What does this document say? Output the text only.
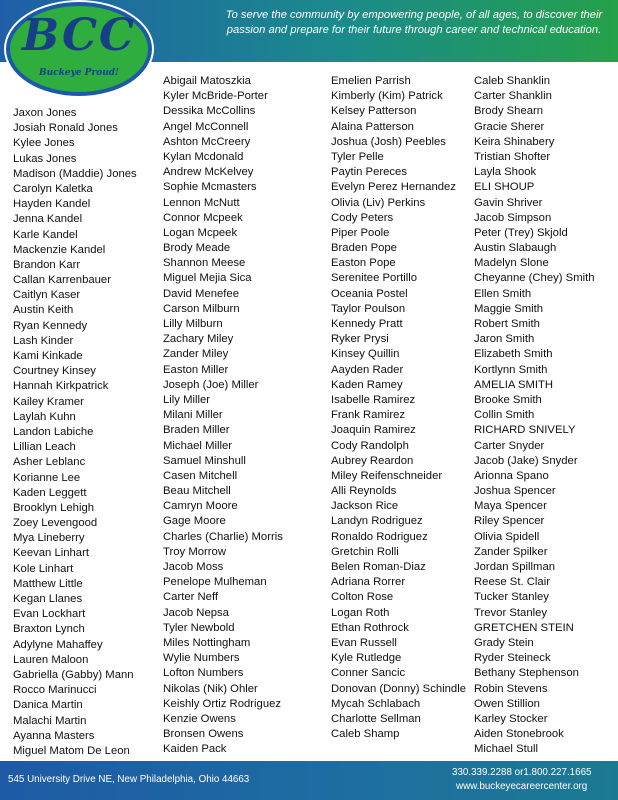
To serve the community by empowering people, of all ages, to discover their passion and prepare for their future through career and technical education.
BCC
Buckeye Proud!
Jaxon Jones
Josiah Ronald Jones
Kylee Jones
Lukas Jones
Madison (Maddie) Jones
Carolyn Kaletka
Hayden Kandel
Jenna Kandel
Karle Kandel
Mackenzie Kandel
Brandon Karr
Callan Karrenbauer
Caitlyn Kaser
Austin Keith
Ryan Kennedy
Lash Kinder
Kami Kinkade
Courtney Kinsey
Hannah Kirkpatrick
Kailey Kramer
Laylah Kuhn
Landon Labiche
Lillian Leach
Asher Leblanc
Korianne Lee
Kaden Leggett
Brooklyn Lehigh
Zoey Levengood
Mya Lineberry
Keevan Linhart
Kole Linhart
Matthew Little
Kegan Llanes
Evan Lockhart
Braxton Lynch
Adylyne Mahaffey
Lauren Maloon
Gabriella (Gabby) Mann
Rocco Marinucci
Danica Martin
Malachi Martin
Ayanna Masters
Miguel Matom De Leon
Abigail Matoszkia
Kyler McBride-Porter
Dessika McCollins
Angel McConnell
Ashton McCreery
Kylan Mcdonald
Andrew McKelvey
Sophie Mcmasters
Lennon McNutt
Connor Mcpeek
Logan Mcpeek
Brody Meade
Shannon Meese
Miguel Mejia Sica
David Menefee
Carson Milburn
Lilly Milburn
Zachary Miley
Zander Miley
Easton Miller
Joseph (Joe) Miller
Lily Miller
Milani Miller
Braden Miller
Michael Miller
Samuel Minshull
Casen Mitchell
Beau Mitchell
Camryn Moore
Gage Moore
Charles (Charlie) Morris
Troy Morrow
Jacob Moss
Penelope Mulheman
Carter Neff
Jacob Nepsa
Tyler Newbold
Miles Nottingham
Wylie Numbers
Lofton Numbers
Nikolas (Nik) Ohler
Keishly Ortiz Rodriguez
Kenzie Owens
Bronsen Owens
Kaiden Pack
Emelien Parrish
Kimberly (Kim) Patrick
Kelsey Patterson
Alaina Patterson
Joshua (Josh) Peebles
Tyler Pelle
Paytin Pereces
Evelyn Perez Hernandez
Olivia (Liv) Perkins
Cody Peters
Piper Poole
Braden Pope
Easton Pope
Serenitee Portillo
Oceania Postel
Taylor Poulson
Kennedy Pratt
Ryker Prysi
Kinsey Quillin
Aayden Rader
Kaden Ramey
Isabelle Ramirez
Frank Ramirez
Joaquin Ramirez
Cody Randolph
Aubrey Reardon
Miley Reifenschneider
Alli Reynolds
Jackson Rice
Landyn Rodriguez
Ronaldo Rodriguez
Gretchin Rolli
Belen Roman-Diaz
Adriana Rorrer
Colton Rose
Logan Roth
Ethan Rothrock
Evan Russell
Kyle Rutledge
Conner Sancic
Donovan (Donny) Schindle
Mycah Schlabach
Charlotte Sellman
Caleb Shamp
Caleb Shanklin
Carter Shanklin
Brody Shearn
Gracie Sherer
Keira Shinabery
Tristian Shofter
Layla Shook
ELI SHOUP
Gavin Shriver
Jacob Simpson
Peter (Trey) Skjold
Austin Slabaugh
Madelyn Slone
Cheyanne (Chey) Smith
Ellen Smith
Maggie Smith
Robert Smith
Jaron Smith
Elizabeth Smith
Kortlynn Smith
AMELIA SMITH
Brooke Smith
Collin Smith
RICHARD SNIVELY
Carter Snyder
Jacob (Jake) Snyder
Arionna Spano
Joshua Spencer
Maya Spencer
Riley Spencer
Olivia Spidell
Zander Spilker
Jordan Spillman
Reese St. Clair
Tucker Stanley
Trevor Stanley
GRETCHEN STEIN
Grady Stein
Ryder Steineck
Bethany Stephenson
Robin Stevens
Owen Stillion
Karley Stocker
Aiden Stonebrook
Michael Stull
545 University Drive NE, New Philadelphia, Ohio 44663
330.339.2288 or1.800.227.1665
www.buckeyecareercenter.org
